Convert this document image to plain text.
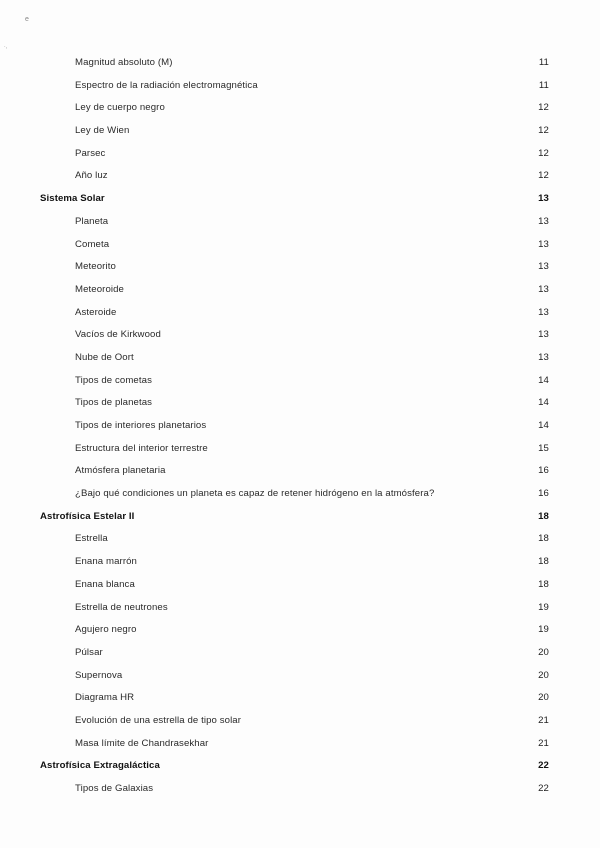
e
·,
Magnitud absoluto (M)	11
Espectro de la radiación electromagnética	11
Ley de cuerpo negro	12
Ley de Wien	12
Parsec	12
Año luz	12
Sistema Solar	13
Planeta	13
Cometa	13
Meteorito	13
Meteoroide	13
Asteroide	13
Vacíos de Kirkwood	13
Nube de Oort	13
Tipos de cometas	14
Tipos de planetas	14
Tipos de interiores planetarios	14
Estructura del interior terrestre	15
Atmósfera planetaria	16
¿Bajo qué condiciones un planeta es capaz de retener hidrógeno en la atmósfera?	16
Astrofísica Estelar II	18
Estrella	18
Enana marrón	18
Enana blanca	18
Estrella de neutrones	19
Agujero negro	19
Púlsar	20
Supernova	20
Diagrama HR	20
Evolución de una estrella de tipo solar	21
Masa límite de Chandrasekhar	21
Astrofísica Extragaláctica	22
Tipos de Galaxias	22
